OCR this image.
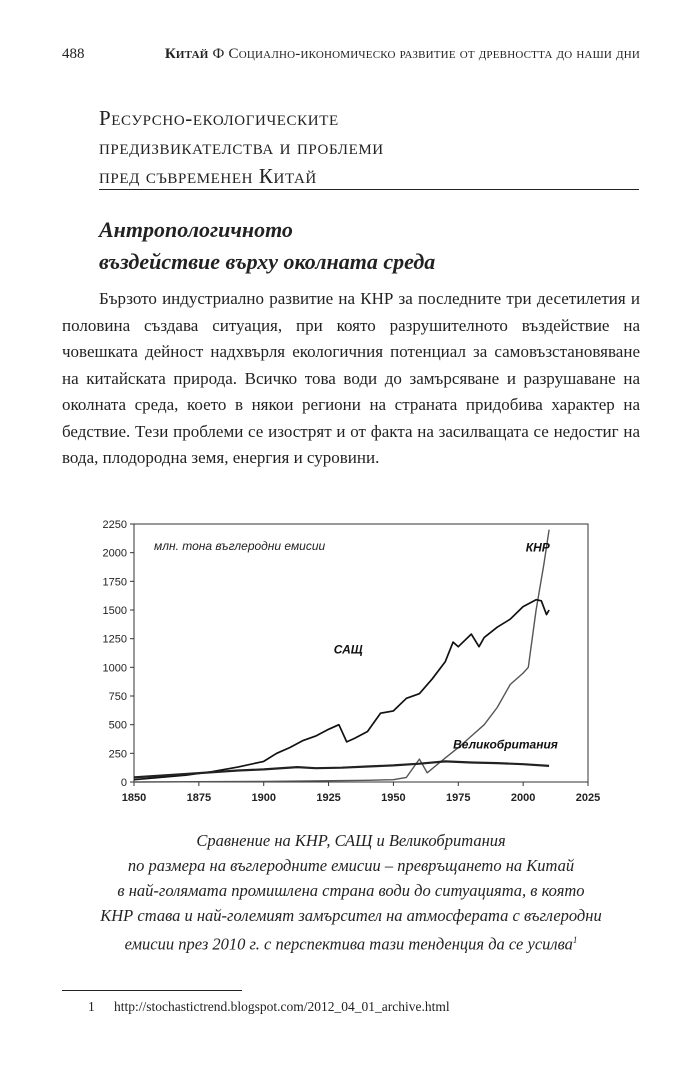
488	Китай Ф Социално-икономическо развитие от древността до наши дни
Ресурсно-екологическите
предизвикателства и проблеми
пред съвременен Китай
Антропологичното
въздействие върху околната среда

Бързото индустриално развитие на КНР за последните три десетилетия и половина създава ситуация, при която разрушителното въздействие на човешката дейност надхвърля екологичния потенциал за самовъзстановяване на китайската природа. Всичко това води до замърсяване и разрушаване на околната среда, което в някои региони на страната придобива характер на бедствие. Тези проблеми се изострят и от факта на засилващата се недостиг на вода, плодородна земя, енергия и суровини.

0
250
500
750
1000
1250
1500
1750
2000
2250
1850	1875	1900	1925	1950	1975	2000	2025
млн. тона въглеродни емисии	КНР
САЩ
Великобритания

Сравнение на КНР, САЩ и Великобритания
по размера на въглеродните емисии – превръщането на Китай
в най-голямата промишлена страна води до ситуацията, в която
КНР става и най-големият замърсител на атмосферата с въглеродни
емисии през 2010 г. с перспектива тази тенденция да се усилва$^1$

1 http://stochastictrend.blogspot.com/2012_04_01_archive.html
